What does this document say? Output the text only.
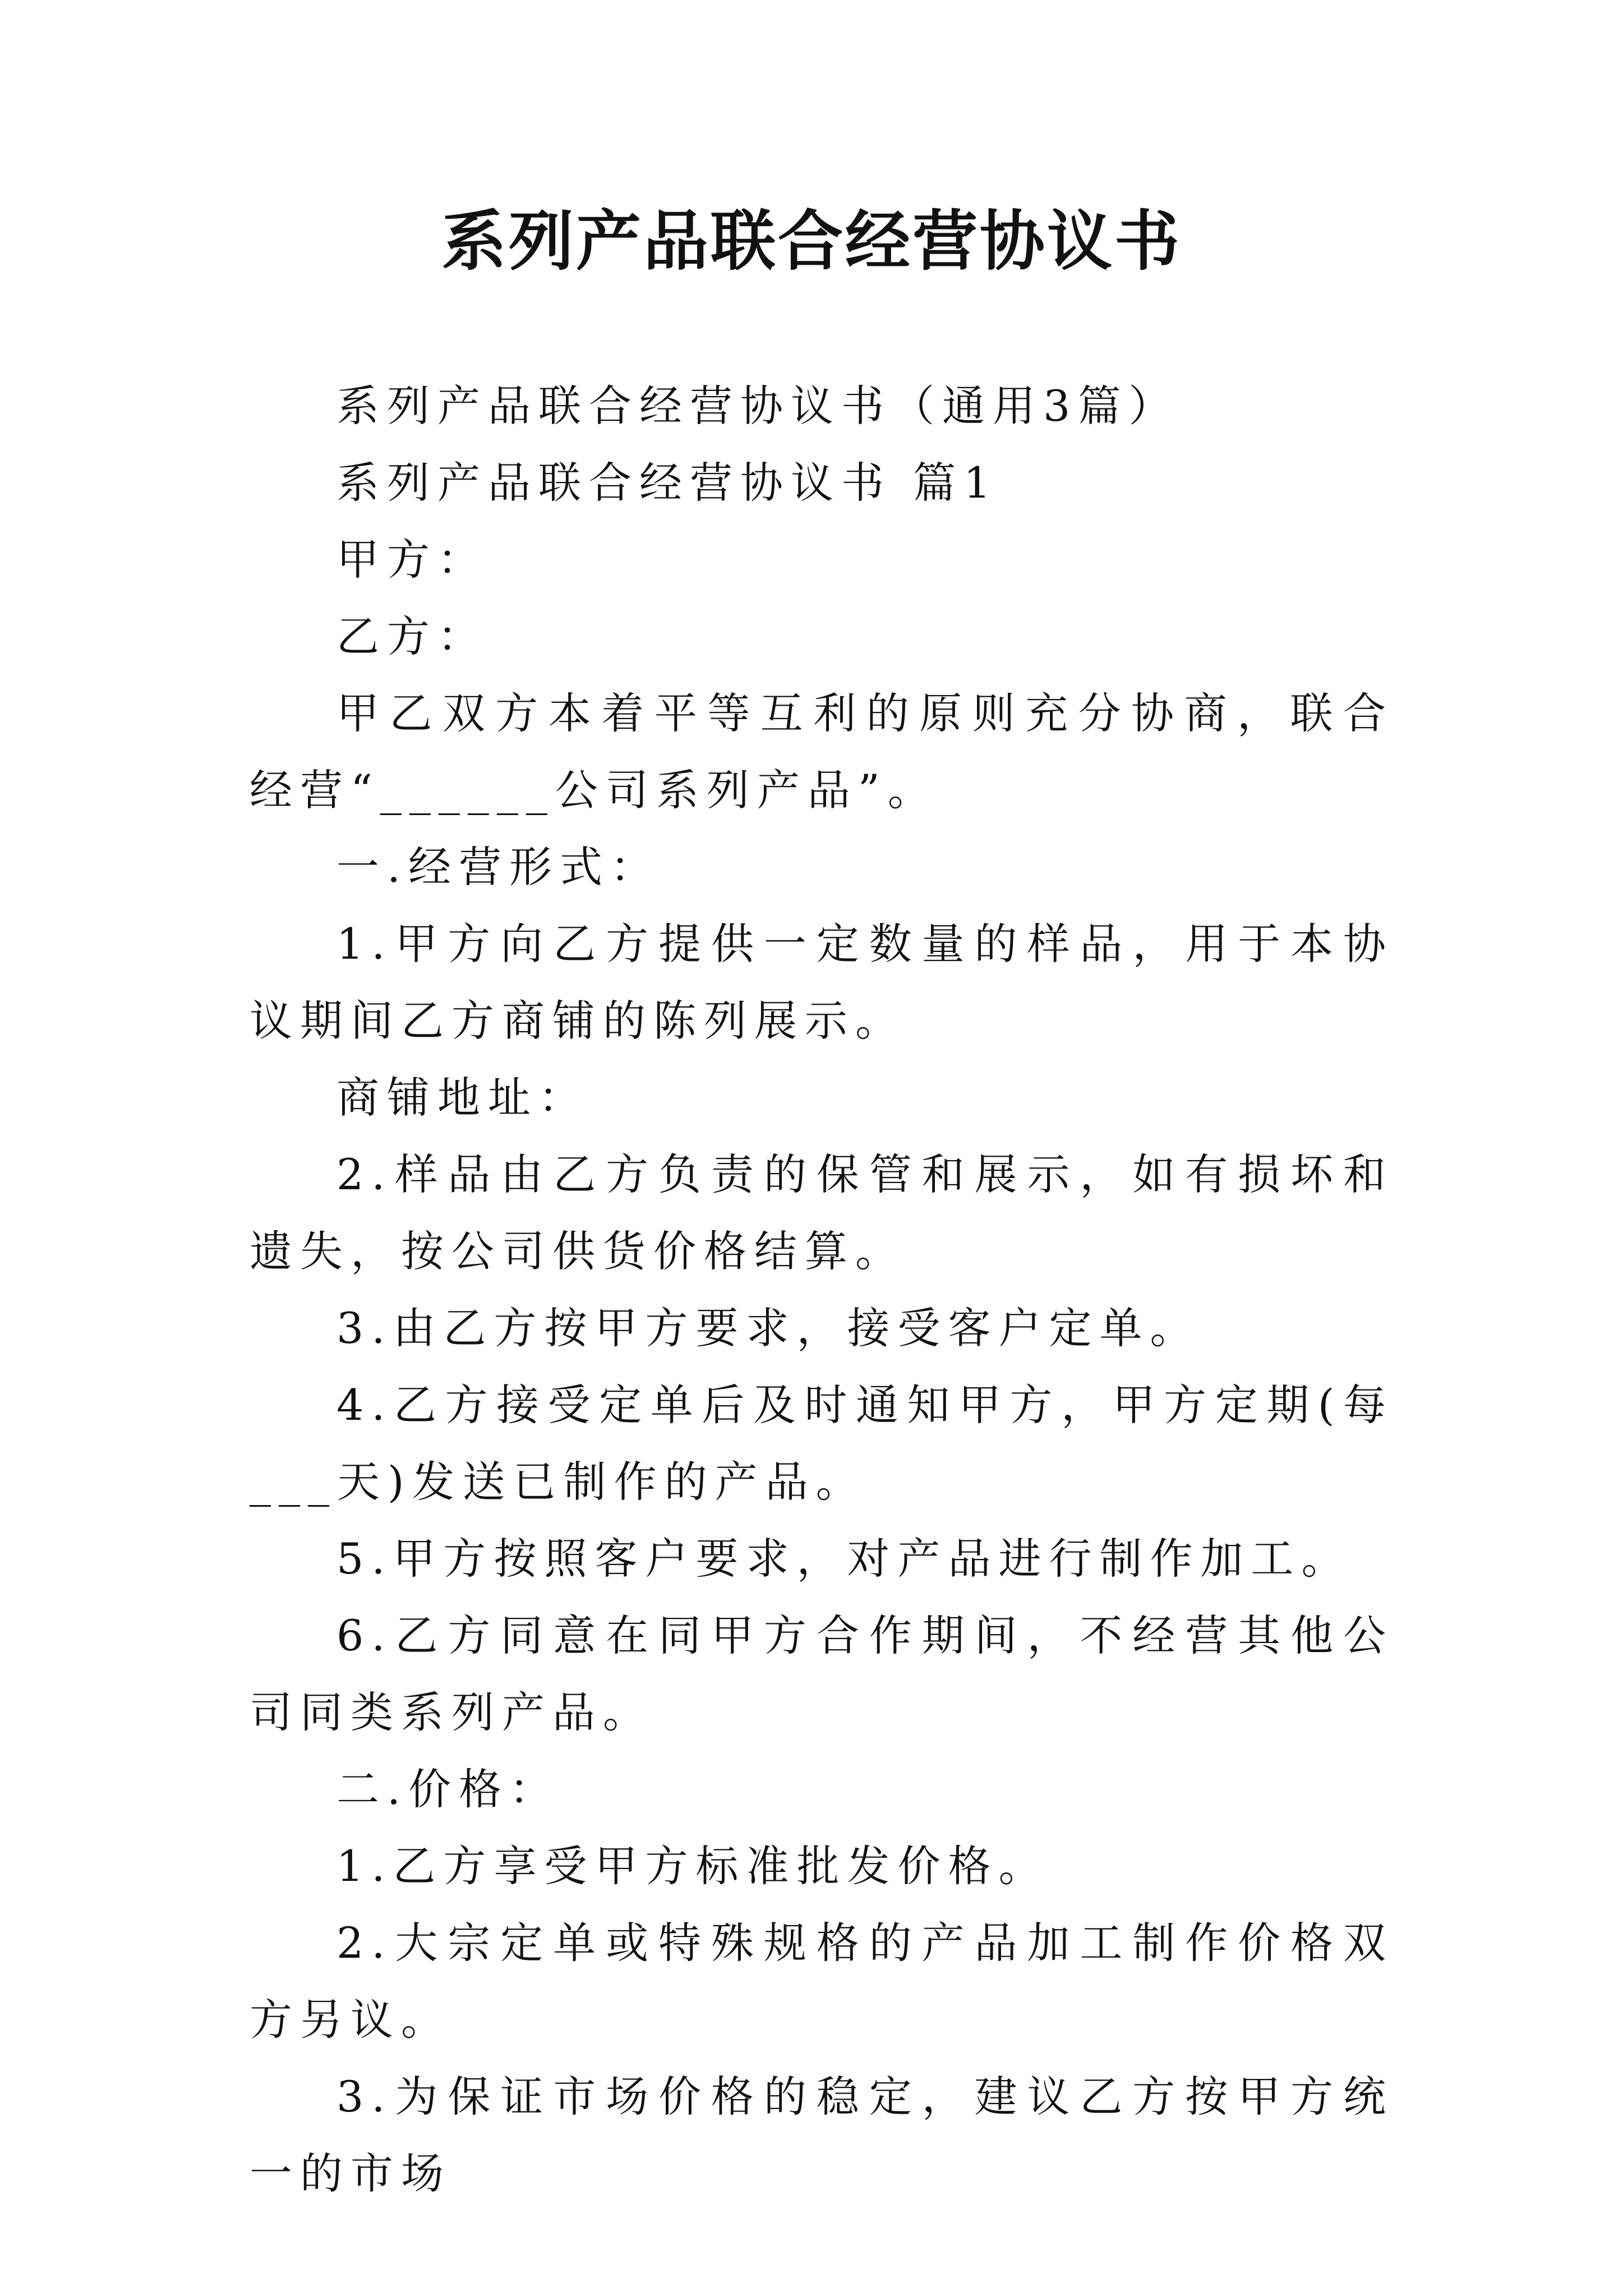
系列产品联合经营协议书

系列产品联合经营协议书（通用3篇）

系列产品联合经营协议书 篇1

甲方：

乙方：

甲乙双方本着平等互利的原则充分协商，联合经营“______公司系列产品”。

一.经营形式：

1.甲方向乙方提供一定数量的样品，用于本协议期间乙方商铺的陈列展示。

商铺地址：

2.样品由乙方负责的保管和展示，如有损坏和遗失，按公司供货价格结算。

3.由乙方按甲方要求，接受客户定单。

4.乙方接受定单后及时通知甲方，甲方定期(每___天)发送已制作的产品。

5.甲方按照客户要求，对产品进行制作加工。

6.乙方同意在同甲方合作期间，不经营其他公司同类系列产品。

二.价格：

1.乙方享受甲方标准批发价格。

2.大宗定单或特殊规格的产品加工制作价格双方另议。

3.为保证市场价格的稳定，建议乙方按甲方统一的市场
